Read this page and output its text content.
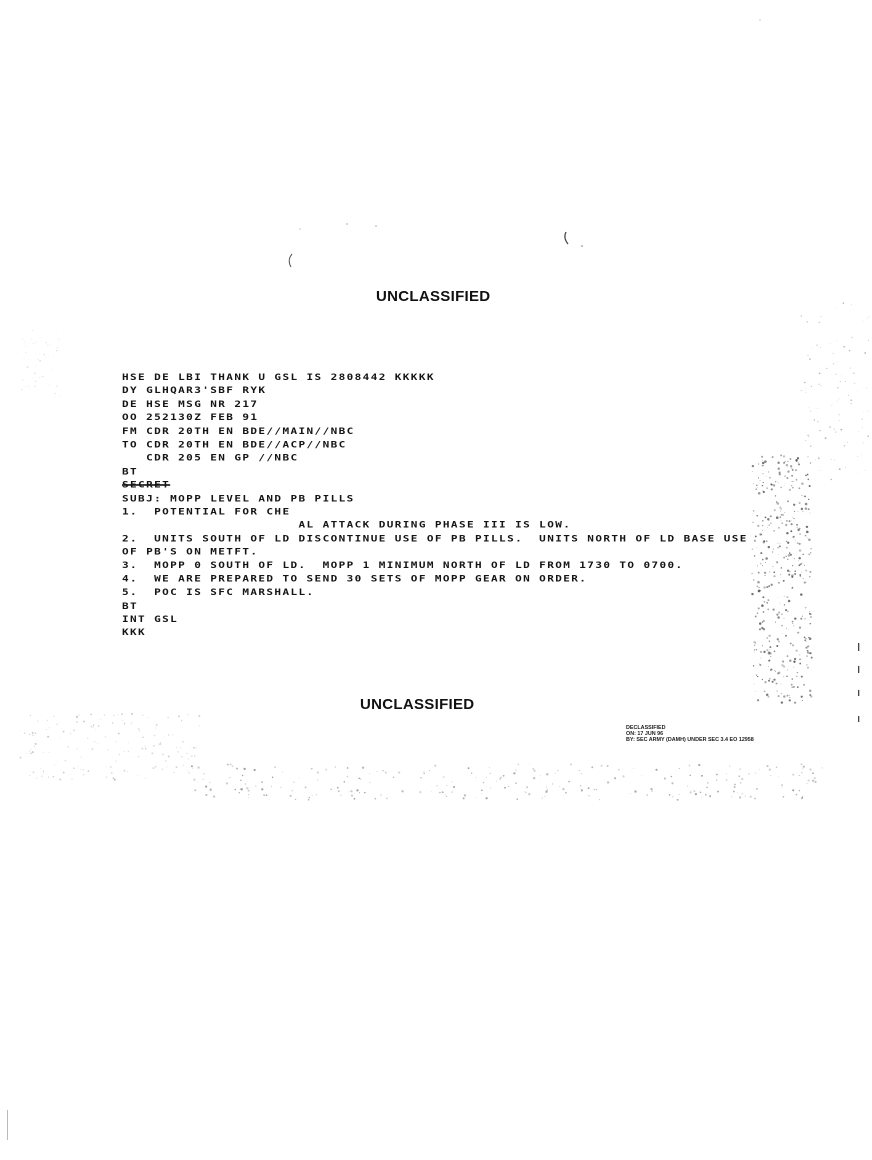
UNCLASSIFIED
HSE DE LBI THANK U GSL IS 2808442 KKKKK
DY GLHQAR3'SBF RYK
DE HSE MSG NR 217
OO 252130Z FEB 91
FM CDR 20TH EN BDE//MAIN//NBC
TO CDR 20TH EN BDE//ACP//NBC
CDR 205 EN GP //NBC
BT
SECRET
SUBJ: MOPP LEVEL AND PB PILLS
1.  POTENTIAL FOR CHE
AL ATTACK DURING PHASE III IS LOW.
2.  UNITS SOUTH OF LD DISCONTINUE USE OF PB PILLS.  UNITS NORTH OF LD BASE USE
OF PB'S ON METFT.
3.  MOPP 0 SOUTH OF LD.  MOPP 1 MINIMUM NORTH OF LD FROM 1730 TO 0700.
4.  WE ARE PREPARED TO SEND 30 SETS OF MOPP GEAR ON ORDER.
5.  POC IS SFC MARSHALL.
BT
INT GSL
KKK
UNCLASSIFIED
DECLASSIFIED
ON: 17 JUN 96
BY: SEC ARMY (DAMH) UNDER SEC 3.4 EO 12958
